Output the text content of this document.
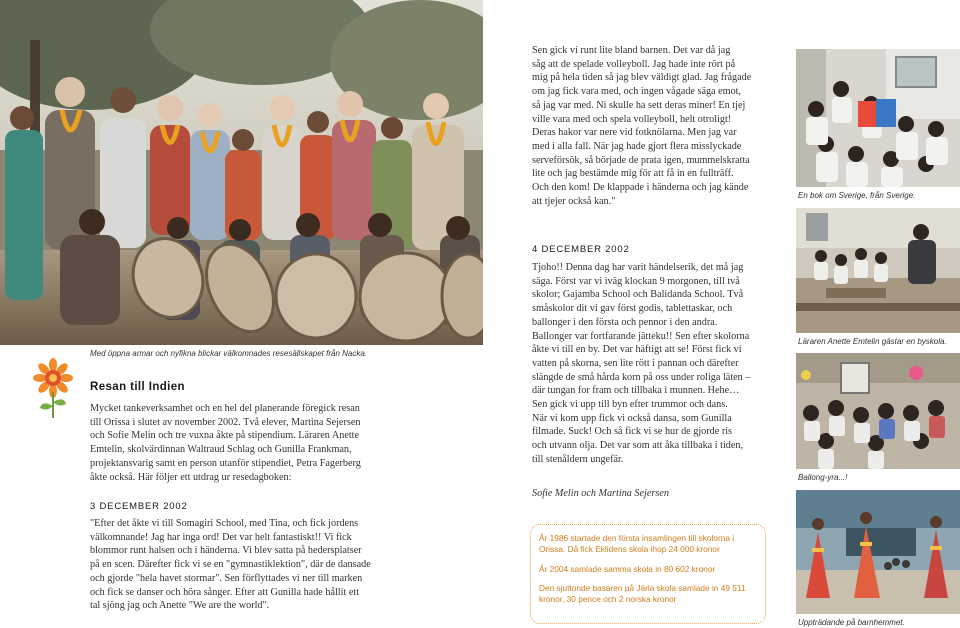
Med öppna armar och nyfikna blickar välkomnades resesällskapet från Nacka.
Resan till Indien

Mycket tankeverksamhet och en hel del planerande föregick resan

till Orissa i slutet av november 2002. Två elever, Martina Sejersen

och Sofie Melin och tre vuxna åkte på stipendium. Läraren Anette

Emtelin, skolvärdinnan Waltraud Schlag och Gunilla Frankman,

projektansvarig samt en person utanför stipendiet, Petra Fagerberg

åkte också. Här följer ett utdrag ur resedagboken:

3 DECEMBER 2002

"Efter det åkte vi till Somagiri School, med Tina, och fick jordens

välkomnande! Jag har inga ord! Det var helt fantastiskt!! Vi fick

blommor runt halsen och i händerna. Vi blev satta på hedersplatser

på en scen. Därefter fick vi se en "gymnastiklektion", där de dansade

och gjorde "hela havet stormar". Sen förflyttades vi ner till marken

och fick se danser och höra sånger. Efter att Gunilla hade hållit ett

tal sjöng jag och Anette "We are the world".

Sen gick vi runt lite bland barnen. Det var då jag

såg att de spelade volleyboll. Jag hade inte rört på

mig på hela tiden så jag blev väldigt glad. Jag frågade

om jag fick vara med, och ingen vågade säga emot,

så jag var med. Ni skulle ha sett deras miner! En tjej

ville vara med och spela volleyboll, helt otroligt!

Deras hakor var nere vid fotknölarna. Men jag var

med i alla fall. När jag hade gjort flera misslyckade

serveförsök, så började de prata igen, mummelskratta

lite och jag bestämde mig för att få in en fullträff.

Och den kom! De klappade i händerna och jag kände

att tjejer också kan."

4 DECEMBER 2002

Tjoho!! Denna dag har varit händelserik, det må jag

säga. Först var vi iväg klockan 9 morgonen, till två

skolor; Gajamba School och Balidanda School. Två

småskolor dit vi gav först godis, tablettaskar, och

ballonger i den första och pennor i den andra.

Ballonger var fortfarande jätteku!! Sen efter skolorna

åkte vi till en by. Det var häftigt att se! Först fick vi

vatten på skorna, sen lite rött i pannan och därefter

slängde de små hårda korn på oss under roliga läten –

där tungan for fram och tillbaka i munnen. Hehe…

Sen gick vi upp till byn efter trummor och dans.

När vi kom upp fick vi också dansa, som Gunilla

filmade. Suck! Och så fick vi se hur de gjorde ris

och utvann olja. Det var som att åka tillbaka i tiden,

till stenåldern ungefär.

Sofie Melin och Martina Sejersen

År 1986 startade den första insamlingen till skolorna i Orissa. Då fick Eklidens skola ihop 24 000 kronor

År 2004 samlade samma skola in 80 602 kronor

Den sjuttonde basaren på Järla skola samlade in 49 511 kronor, 30 pence och 2 norska kronor

En bok om Sverige, från Sverige.
Läraren Anette Emtelin gästar en byskola.
Ballong-yra...!
Uppträdande på barnhemmet.
